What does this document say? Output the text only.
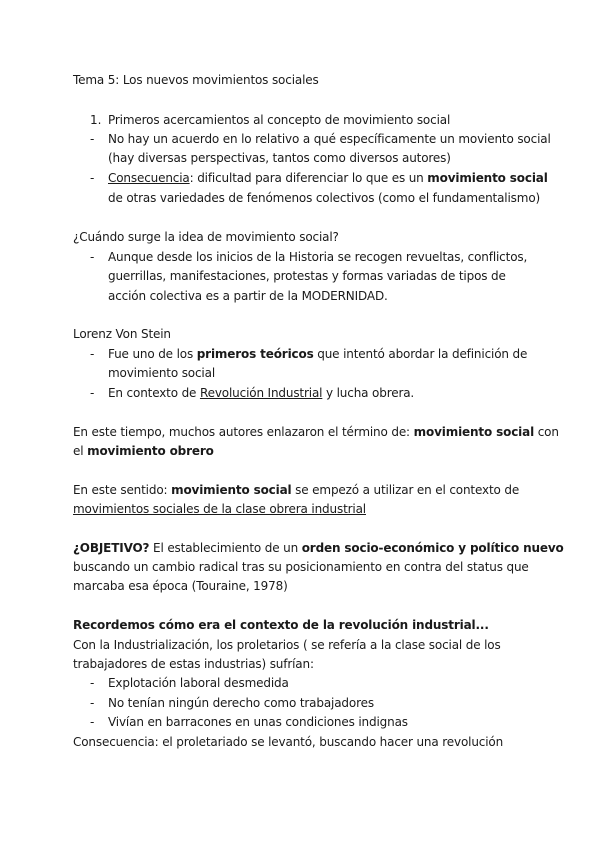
Tema 5: Los nuevos movimientos sociales
1. Primeros acercamientos al concepto de movimiento social
- No hay un acuerdo en lo relativo a qué específicamente un moviento social
(hay diversas perspectivas, tantos como diversos autores)
- Consecuencia: dificultad para diferenciar lo que es un movimiento social
de otras variedades de fenómenos colectivos (como el fundamentalismo)
¿Cuándo surge la idea de movimiento social?
- Aunque desde los inicios de la Historia se recogen revueltas, conflictos,
guerrillas, manifestaciones, protestas y formas variadas de tipos de
acción colectiva es a partir de la MODERNIDAD.
Lorenz Von Stein
- Fue uno de los primeros teóricos que intentó abordar la definición de
movimiento social
- En contexto de Revolución Industrial y lucha obrera.
En este tiempo, muchos autores enlazaron el término de: movimiento social con
el movimiento obrero
En este sentido: movimiento social se empezó a utilizar en el contexto de
movimientos sociales de la clase obrera industrial
¿OBJETIVO? El establecimiento de un orden socio-económico y político nuevo
buscando un cambio radical tras su posicionamiento en contra del status que
marcaba esa época (Touraine, 1978)
Recordemos cómo era el contexto de la revolución industrial...
Con la Industrialización, los proletarios ( se refería a la clase social de los
trabajadores de estas industrias) sufrían:
- Explotación laboral desmedida
- No tenían ningún derecho como trabajadores
- Vivían en barracones en unas condiciones indignas
Consecuencia: el proletariado se levantó, buscando hacer una revolución
